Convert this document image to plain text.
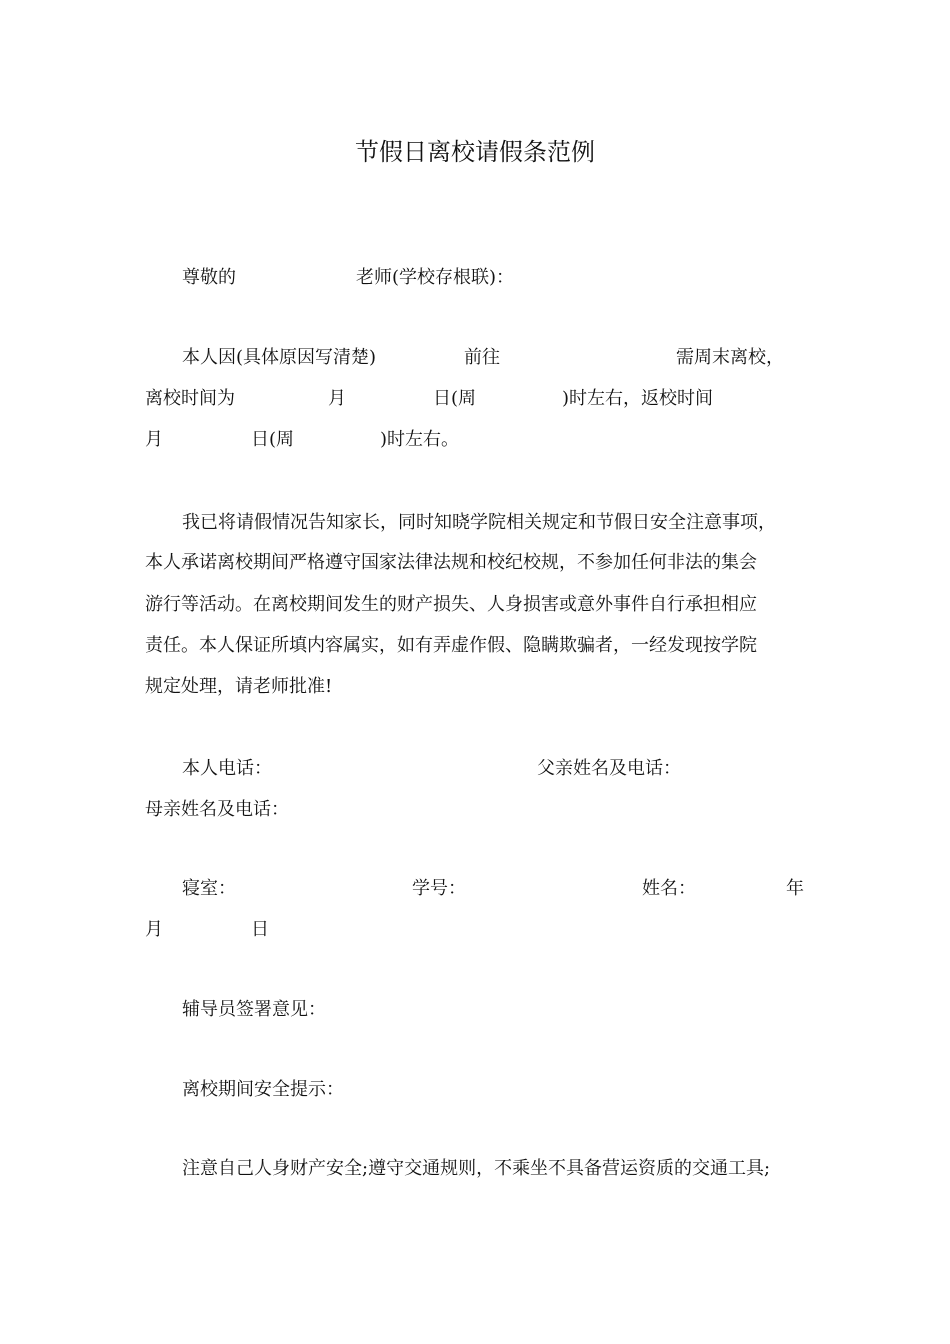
节假日离校请假条范例
尊敬的	老师(学校存根联)：
本人因(具体原因写清楚)	前往	需周末离校，
离校时间为	月	日(周	)时左右，返校时间
月	日(周	)时左右。
我已将请假情况告知家长，同时知晓学院相关规定和节假日安全注意事项，
本人承诺离校期间严格遵守国家法律法规和校纪校规，不参加任何非法的集会
游行等活动。在离校期间发生的财产损失、人身损害或意外事件自行承担相应
责任。本人保证所填内容属实，如有弄虚作假、隐瞒欺骗者，一经发现按学院
规定处理，请老师批准!
本人电话：	父亲姓名及电话：
母亲姓名及电话：
寝室：	学号：	姓名：	年
月	日
辅导员签署意见：
离校期间安全提示：
注意自己人身财产安全;遵守交通规则，不乘坐不具备营运资质的交通工具;
